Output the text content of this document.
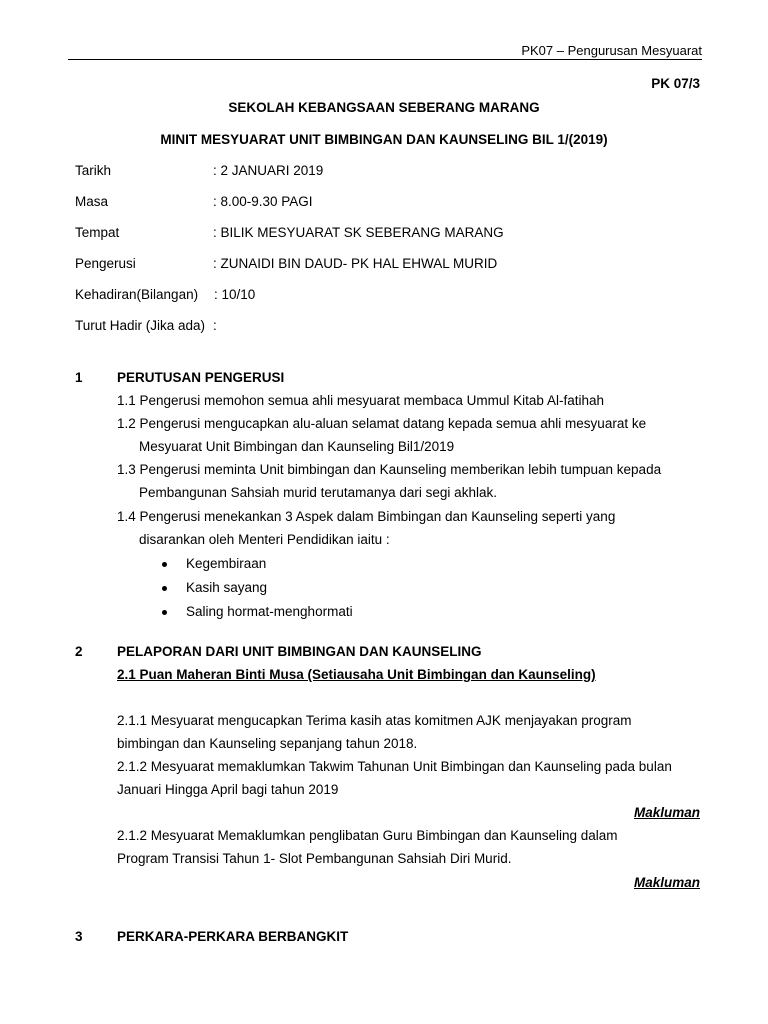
PK07 – Pengurusan Mesyuarat
PK 07/3
SEKOLAH KEBANGSAAN SEBERANG MARANG
MINIT MESYUARAT UNIT BIMBINGAN DAN KAUNSELING BIL 1/(2019)
Tarikh	: 2 JANUARI 2019
Masa	: 8.00-9.30 PAGI
Tempat	: BILIK MESYUARAT SK SEBERANG MARANG
Pengerusi	: ZUNAIDI BIN DAUD- PK HAL EHWAL MURID
Kehadiran(Bilangan) : 10/10
Turut Hadir (Jika ada) :
1	PERUTUSAN PENGERUSI
1.1 Pengerusi memohon semua ahli mesyuarat membaca Ummul Kitab Al-fatihah
1.2 Pengerusi mengucapkan alu-aluan selamat datang kepada semua ahli mesyuarat ke
Mesyuarat Unit Bimbingan dan Kaunseling Bil1/2019
1.3 Pengerusi meminta Unit bimbingan dan Kaunseling memberikan lebih tumpuan kepada
Pembangunan Sahsiah murid terutamanya dari segi akhlak.
1.4 Pengerusi menekankan 3 Aspek dalam Bimbingan dan Kaunseling seperti yang
disarankan oleh Menteri Pendidikan iaitu :
Kegembiraan
Kasih sayang
Saling hormat-menghormati
2	PELAPORAN DARI UNIT BIMBINGAN DAN KAUNSELING
2.1 Puan Maheran Binti Musa (Setiausaha Unit Bimbingan dan Kaunseling)
2.1.1 Mesyuarat mengucapkan Terima kasih atas komitmen AJK menjayakan program
bimbingan dan Kaunseling sepanjang tahun 2018.
2.1.2 Mesyuarat memaklumkan Takwim Tahunan Unit Bimbingan dan Kaunseling pada bulan
Januari Hingga April bagi tahun 2019
Makluman
2.1.2 Mesyuarat Memaklumkan penglibatan Guru Bimbingan dan Kaunseling dalam
Program Transisi Tahun 1- Slot Pembangunan Sahsiah Diri Murid.
Makluman
3	PERKARA-PERKARA BERBANGKIT
